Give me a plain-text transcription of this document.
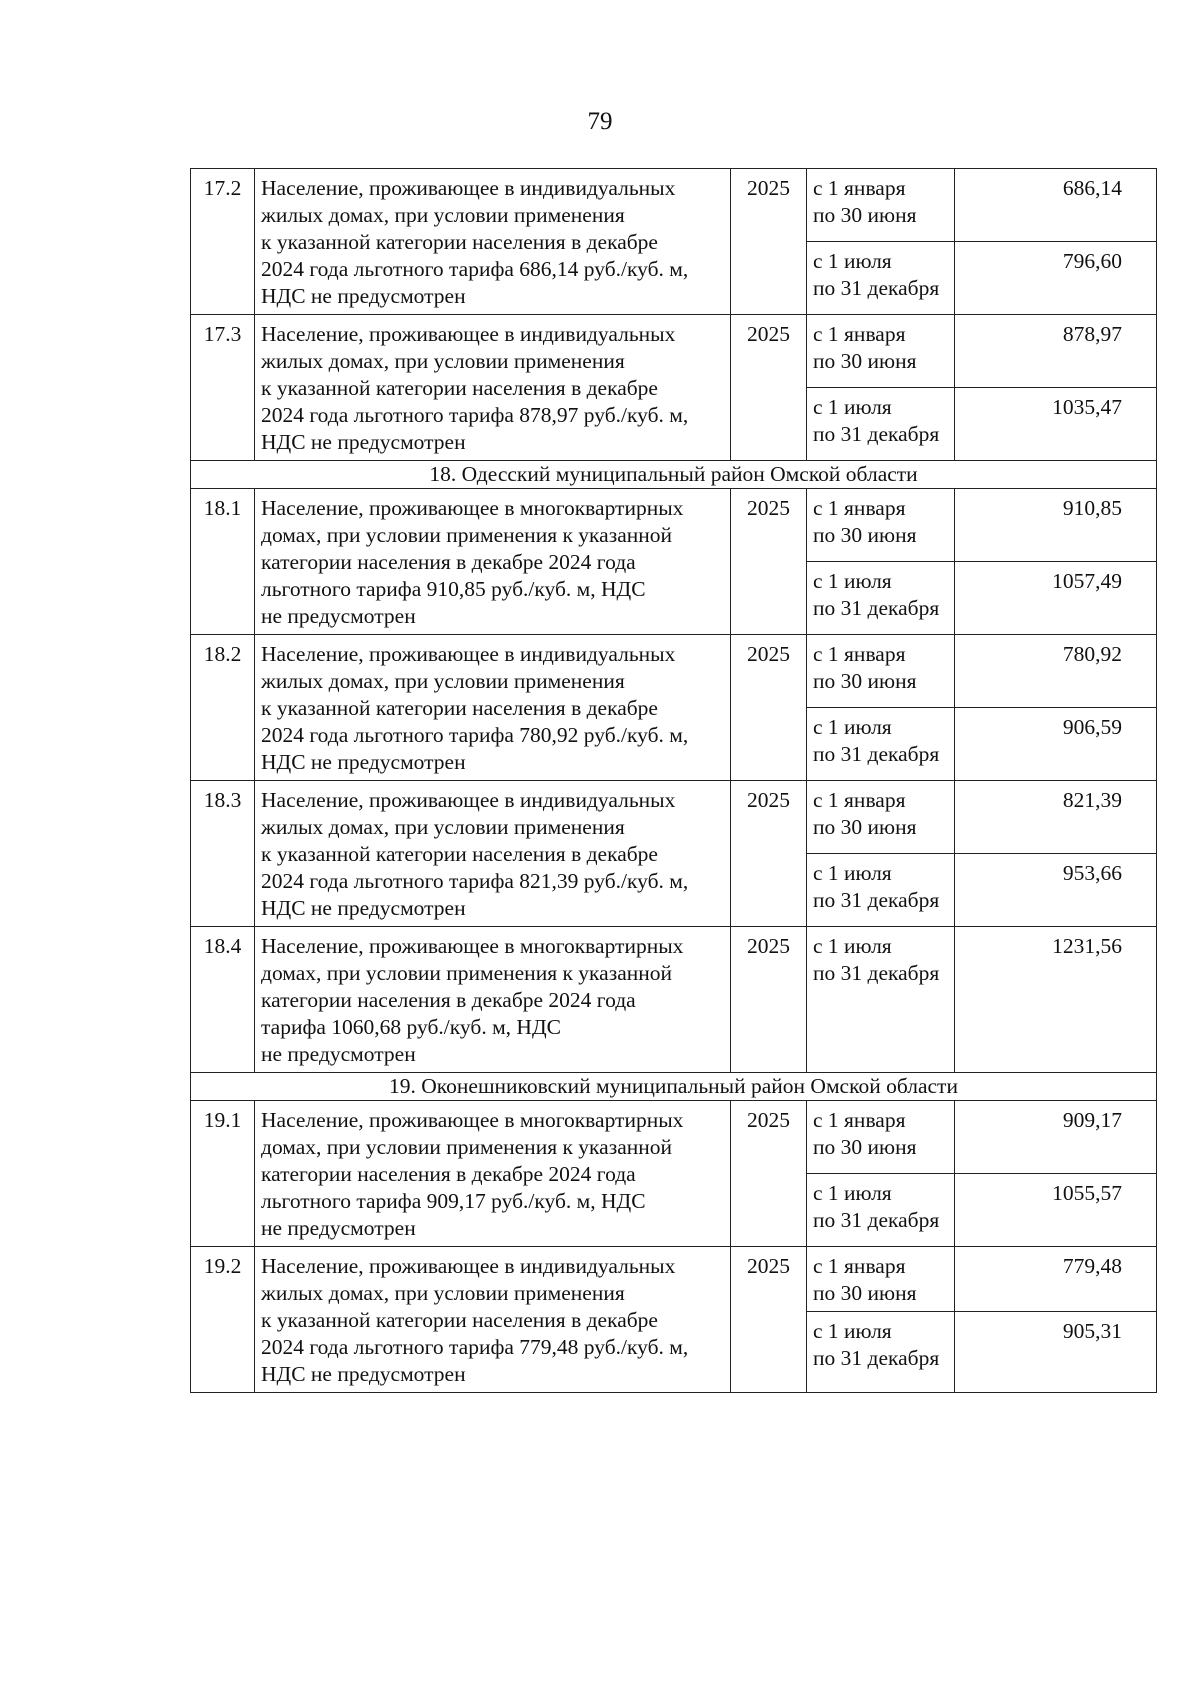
79
17.2	Население, проживающее в индивидуальных
жилых домах, при условии применения
к указанной категории населения в декабре
2024 года льготного тарифа 686,14 руб./куб. м,
НДС не предусмотрен	2025	с 1 января
по 30 июня	686,14
			с 1 июля
по 31 декабря	796,60
17.3	Население, проживающее в индивидуальных
жилых домах, при условии применения
к указанной категории населения в декабре
2024 года льготного тарифа 878,97 руб./куб. м,
НДС не предусмотрен	2025	с 1 января
по 30 июня	878,97
			с 1 июля
по 31 декабря	1035,47
18. Одесский муниципальный район Омской области				
18.1	Население, проживающее в многоквартирных
домах, при условии применения к указанной
категории населения в декабре 2024 года
льготного тарифа 910,85 руб./куб. м, НДС
не предусмотрен	2025	с 1 января
по 30 июня	910,85
			с 1 июля
по 31 декабря	1057,49
18.2	Население, проживающее в индивидуальных
жилых домах, при условии применения
к указанной категории населения в декабре
2024 года льготного тарифа 780,92 руб./куб. м,
НДС не предусмотрен	2025	с 1 января
по 30 июня	780,92
			с 1 июля
по 31 декабря	906,59
18.3	Население, проживающее в индивидуальных
жилых домах, при условии применения
к указанной категории населения в декабре
2024 года льготного тарифа 821,39 руб./куб. м,
НДС не предусмотрен	2025	с 1 января
по 30 июня	821,39
			с 1 июля
по 31 декабря	953,66
18.4	Население, проживающее в многоквартирных
домах, при условии применения к указанной
категории населения в декабре 2024 года
тарифа 1060,68 руб./куб. м, НДС
не предусмотрен	2025	с 1 июля
по 31 декабря	1231,56
19. Оконешниковский муниципальный район Омской области				
19.1	Население, проживающее в многоквартирных
домах, при условии применения к указанной
категории населения в декабре 2024 года
льготного тарифа 909,17 руб./куб. м, НДС
не предусмотрен	2025	с 1 января
по 30 июня	909,17
			с 1 июля
по 31 декабря	1055,57
19.2	Население, проживающее в индивидуальных
жилых домах, при условии применения
к указанной категории населения в декабре
2024 года льготного тарифа 779,48 руб./куб. м,
НДС не предусмотрен	2025	с 1 января
по 30 июня	779,48
			с 1 июля
по 31 декабря	905,31
